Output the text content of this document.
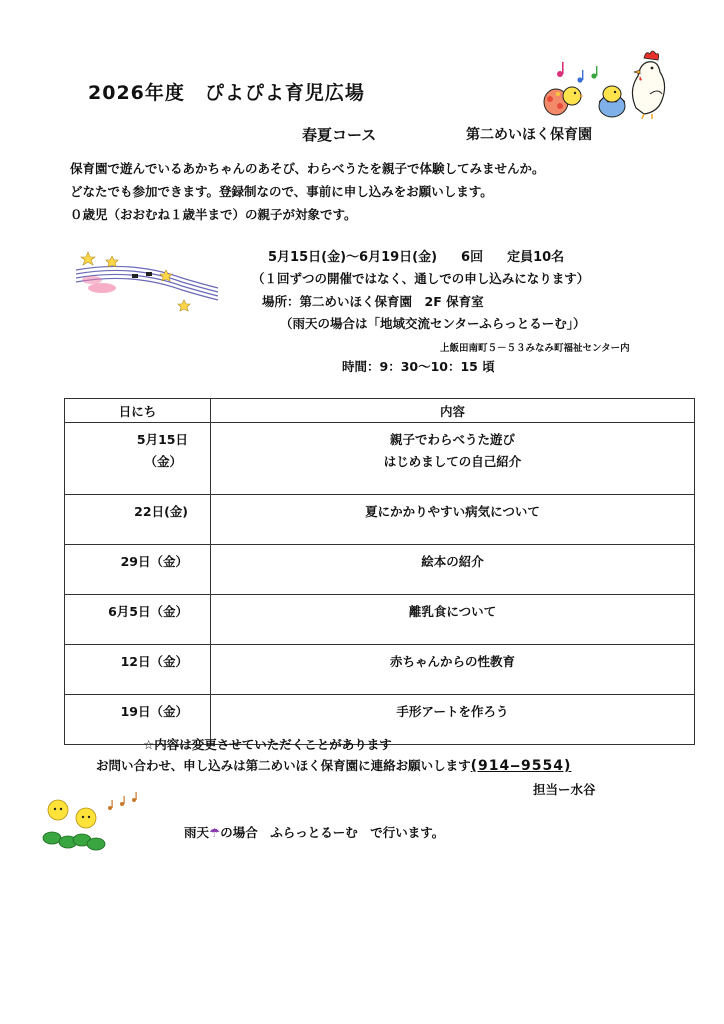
2026年度　ぴよぴよ育児広場
春夏コース	第二めいほく保育園
保育園で遊んでいるあかちゃんのあそび、わらべうたを親子で体験してみませんか。
どなたでも参加できます。登録制なので、事前に申し込みをお願いします。
０歳児（おおむね１歳半まで）の親子が対象です。
5月15日(金)～6月19日(金) 6回 定員10名
（１回ずつの開催ではなく、通しでの申し込みになります）
場所：第二めいほく保育園　2F 保育室
（雨天の場合は「地域交流センターふらっとるーむ」）
上飯田南町５－５３みなみ町福祉センター内
時間：9：30～10：15 頃
日にち	内容

5月15日
（金）	親子でわらべうた遊び
はじめましての自己紹介

22日(金)	夏にかかりやすい病気について
29日（金）	絵本の紹介
6月5日（金）	離乳食について
12日（金）	赤ちゃんからの性教育
19日（金）	手形アートを作ろう
☆内容は変更させていただくことがあります
お問い合わせ、申し込みは第二めいほく保育園に連絡お願いします(914‒9554)
担当ー水谷
雨天☂の場合　ふらっとるーむ　で行います。
